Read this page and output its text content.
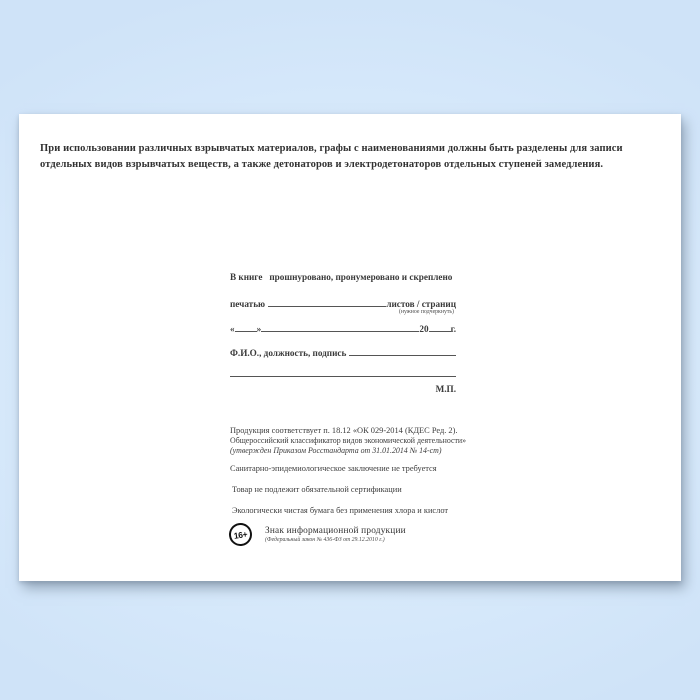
При использовании различных взрывчатых материалов, графы с наименованиями должны быть разделены для записи отдельных видов взрывчатых веществ, а также детонаторов и электродетонаторов отдельных ступеней замедления.
В книге   прошнуровано, пронумеровано и скреплено
печатью	листов / страниц
(нужное подчеркнуть)
« »	20 г.
Ф.И.О., должность, подпись
М.П.
Продукция соответствует п. 18.12 «ОК 029-2014 (КДЕС Ред. 2).
Общероссийский классификатор видов экономической деятельности»
(утвержден Приказом Росстандарта от 31.01.2014 № 14-ст)
Санитарно-эпидемиологическое заключение не требуется
Товар не подлежит обязательной сертификации
Экологически чистая бумага без применения хлора и кислот
16+	Знак информационной продукции
(Федеральный закон № 436-ФЗ от 29.12.2010 г.)
